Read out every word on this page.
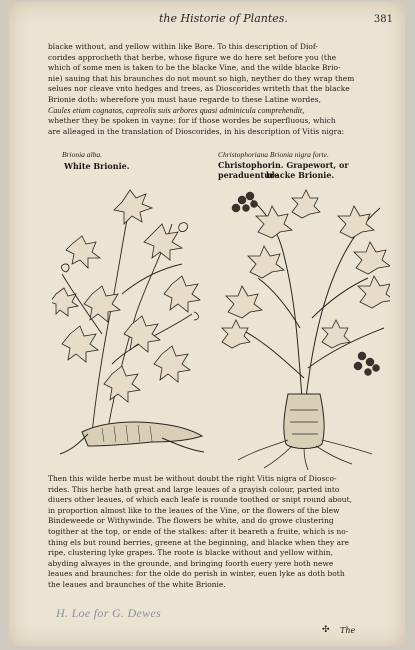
the Historie of Plantes.	381
blacke without, and yellow within like Bore. To this description of Diof-
corides approcheth that herbe, whose figure we do here set before you (the
which of some men is taken to be the blacke Vine, and the wilde blacke Brio-
nie) sauing that his braunches do not mount so high, neyther do they wrap them
selues nor cleave vnto hedges and trees, as Dioscorides writeth that the blacke
Brionie doth: wherefore you must haue regarde to these Latine wordes,
Caules etiam cognatos, capreolis suis arbores quasi adminicula comprehendit,
whether they be spoken in vayne: for if those wordes be superfluous, which
are alleaged in the translation of Dioscorides, in his description of Vitis nigra:
Brionia alba.
White Brionie.
Christophoriana Brionia nigra forte.
Christophorin. Grapewort, or peraduenture
blacke Brionie.
Then this wilde herbe must be without doubt the right Vitis nigra of Diosco-
rides. This herbe hath great and large leaues of a grayish colour, parted into
diuers other leaues, of which each leafe is rounde toothed or snipt round about,
in proportion almost like to the leaues of the Vine, or the flowers of the blew
Bindeweede or Withywinde. The flowers be white, and do growe clustering
togither at the top, or ende of the stalkes: after it beareth a fruite, which is no-
thing els but round berries, greene at the beginning, and blacke when they are
ripe, clustering lyke grapes. The roote is blacke without and yellow within,
abyding alwayes in the grounde, and bringing foorth euery yere both newe
leaues and braunches: for the olde do perish in winter, euen lyke as doth both
the leaues and braunches of the white Brionie.
H. Loe for G. Dewes
✣ The
